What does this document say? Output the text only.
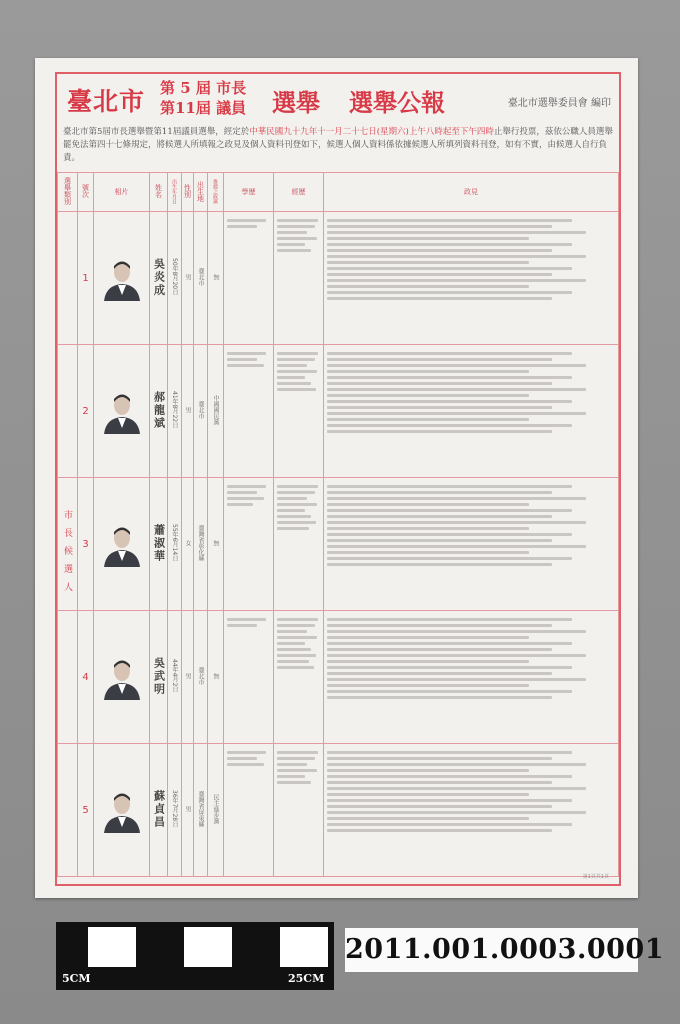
臺北市 第 5 屆 市長
第11屆 議員 選舉 選舉公報	臺北市選舉委員會 編印
臺北市第5屆市長選舉暨第11屆議員選舉，經定於中華民國九十九年十一月二十七日(星期六)上午八時起至下午四時止舉行投票，茲依公職人員選舉罷免法第四十七條規定，將候選人所填報之政見及個人資料刊登如下，候選人個人資料係依據候選人所填列資料刊登，如有不實，由候選人自行負責。
選舉類別	號次	相片	姓名	出生年月日	性別	出生地	推薦之政黨	學歷	經歷	政見
	1		吳炎成	50年8月20日	男	臺北市	無	

	2		郝龍斌	41年8月22日	男	臺北市	中國國民黨	

	3		蕭淑華	55年6月14日	女	臺灣省彰化縣	無	

	4		吳武明	44年4月2日	男	臺北市	無	

	5		蘇貞昌	36年7月28日	男	臺灣省屏東縣	民主進步黨	

市長候選人
第1頁共1頁
5CM	25CM
2011.001.0003.0001
